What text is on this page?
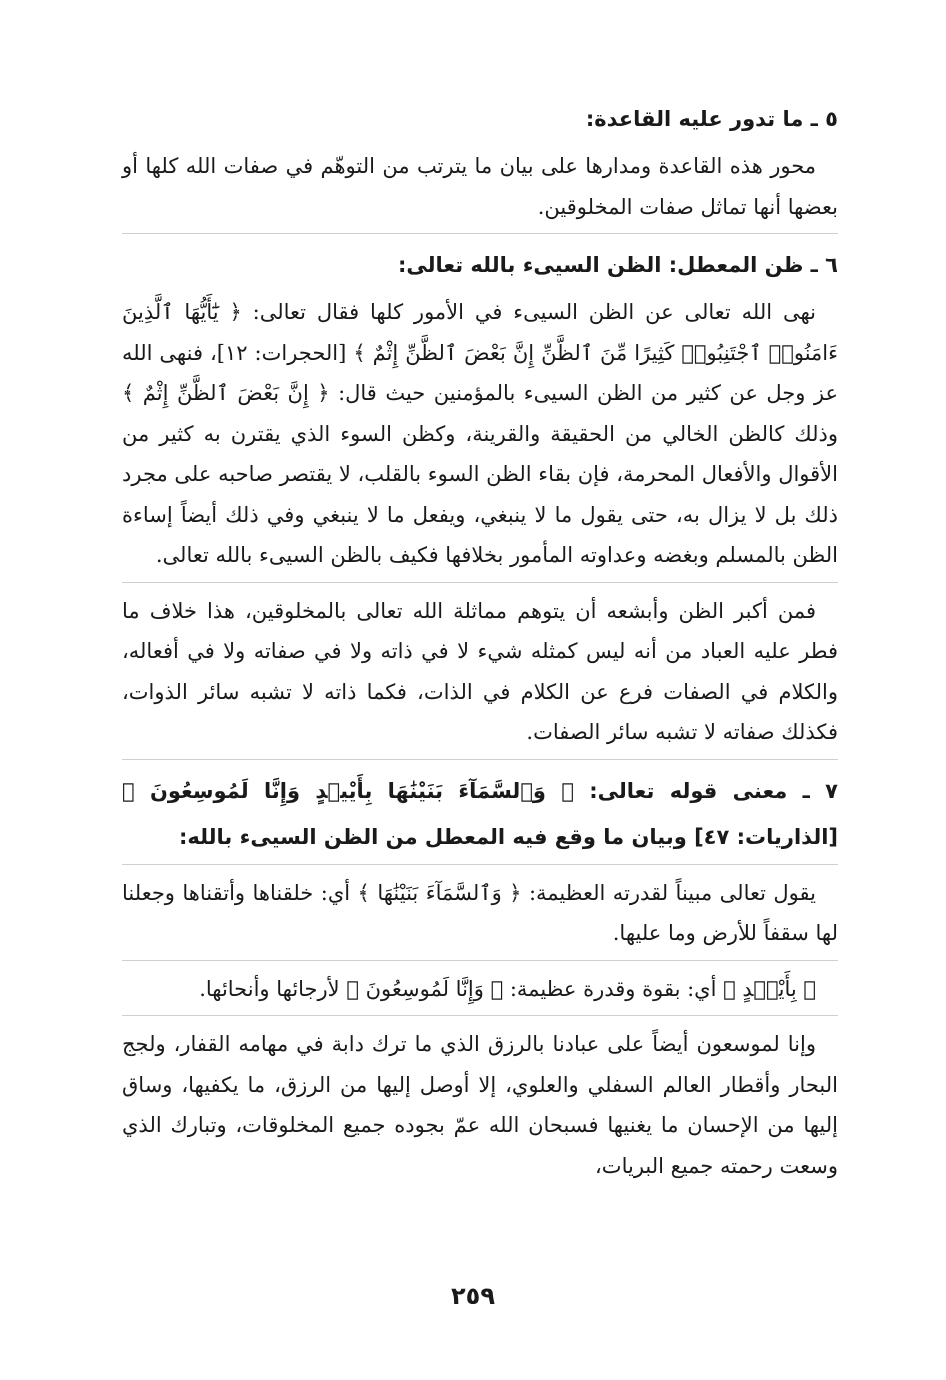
٥ ـ ما تدور عليه القاعدة:
محور هذه القاعدة ومدارها على بيان ما يترتب من التوهّم في صفات الله كلها أو بعضها أنها تماثل صفات المخلوقين.
٦ ـ ظن المعطل: الظن السيىء بالله تعالى:
نهى الله تعالى عن الظن السيىء في الأمور كلها فقال تعالى: ﴿ يَٰٓأَيُّهَا ٱلَّذِينَ ءَامَنُوا۟ ٱجْتَنِبُوا۟ كَثِيرًا مِّنَ ٱلظَّنِّ إِنَّ بَعْضَ ٱلظَّنِّ إِثْمٌ ﴾ [الحجرات: ١٢]، فنهى الله عز وجل عن كثير من الظن السيىء بالمؤمنين حيث قال: ﴿ إِنَّ بَعْضَ ٱلظَّنِّ إِثْمٌ ﴾ وذلك كالظن الخالي من الحقيقة والقرينة، وكظن السوء الذي يقترن به كثير من الأقوال والأفعال المحرمة، فإن بقاء الظن السوء بالقلب، لا يقتصر صاحبه على مجرد ذلك بل لا يزال به، حتى يقول ما لا ينبغي، ويفعل ما لا ينبغي وفي ذلك أيضاً إساءة الظن بالمسلم وبغضه وعداوته المأمور بخلافها فكيف بالظن السيىء بالله تعالى.
فمن أكبر الظن وأبشعه أن يتوهم مماثلة الله تعالى بالمخلوقين، هذا خلاف ما فطر عليه العباد من أنه ليس كمثله شيء لا في ذاته ولا في صفاته ولا في أفعاله، والكلام في الصفات فرع عن الكلام في الذات، فكما ذاته لا تشبه سائر الذوات، فكذلك صفاته لا تشبه سائر الصفات.
٧ ـ معنى قوله تعالى: ﴿ وَٱلسَّمَآءَ بَنَيْنَٰهَا بِأَيْي۟دٍ وَإِنَّا لَمُوسِعُونَ ﴾ [الذاريات: ٤٧] وبيان ما وقع فيه المعطل من الظن السيىء بالله:
يقول تعالى مبيناً لقدرته العظيمة: ﴿ وَٱلسَّمَآءَ بَنَيْنَٰهَا ﴾ أي: خلقناها وأتقناها وجعلنا لها سقفاً للأرض وما عليها.
﴿ بِأَيْي۟دٍ ﴾ أي: بقوة وقدرة عظيمة: ﴿ وَإِنَّا لَمُوسِعُونَ ﴾ لأرجائها وأنحائها.
وإنا لموسعون أيضاً على عبادنا بالرزق الذي ما ترك دابة في مهامه القفار، ولجج البحار وأقطار العالم السفلي والعلوي، إلا أوصل إليها من الرزق، ما يكفيها، وساق إليها من الإحسان ما يغنيها فسبحان الله عمّ بجوده جميع المخلوقات، وتبارك الذي وسعت رحمته جميع البريات،
٢٥٩
